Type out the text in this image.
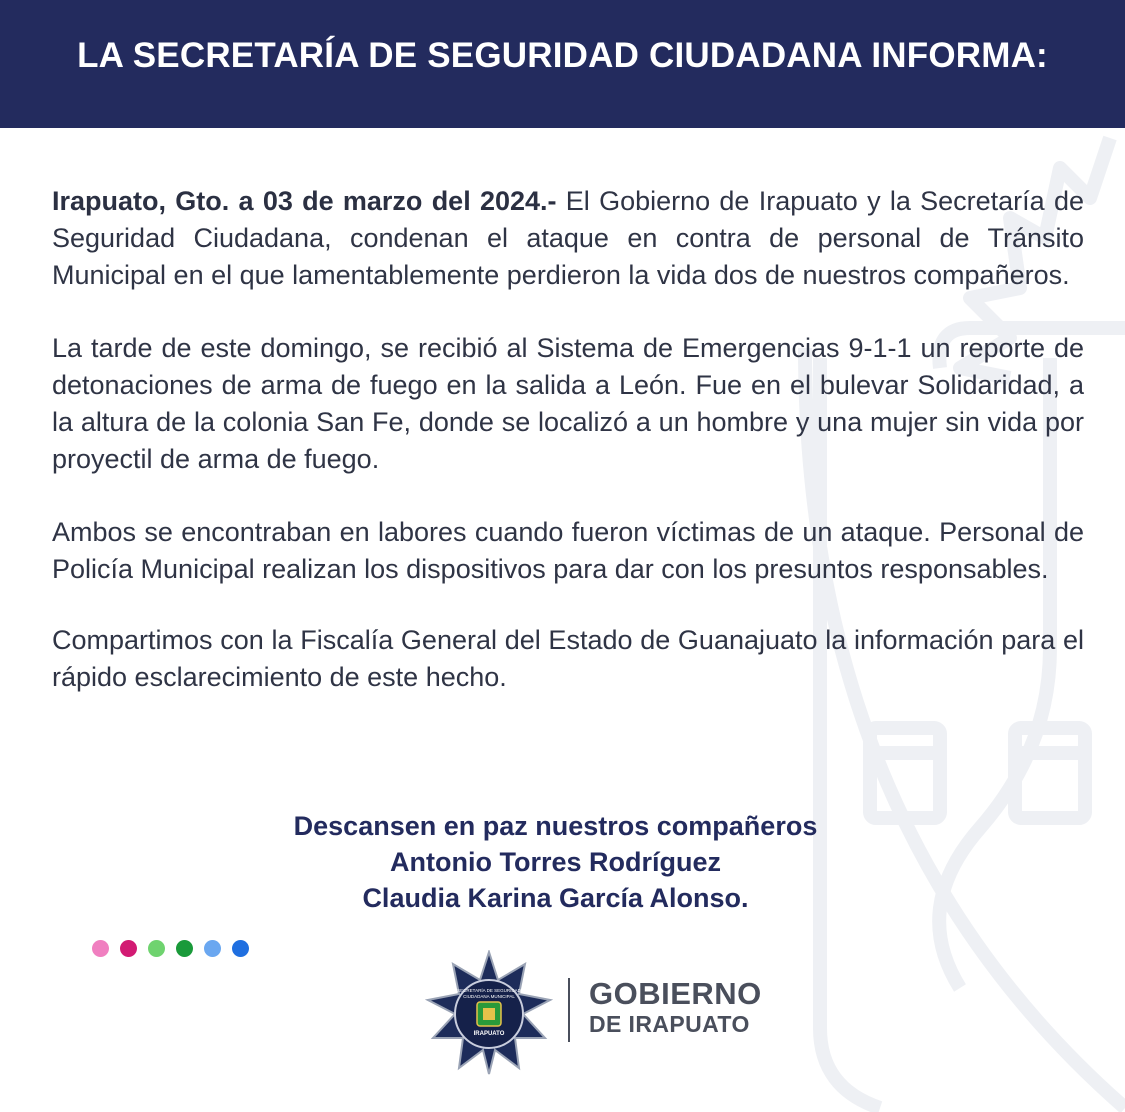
LA SECRETARÍA DE SEGURIDAD CIUDADANA INFORMA:

Irapuato, Gto. a 03 de marzo del 2024.- El Gobierno de Irapuato y la Secretaría de Seguridad Ciudadana, condenan el ataque en contra de personal de Tránsito Municipal en el que lamentablemente perdieron la vida dos de nuestros compañeros.

La tarde de este domingo, se recibió al Sistema de Emergencias 9-1-1 un reporte de detonaciones de arma de fuego en la salida a León. Fue en el bulevar Solidaridad, a la altura de la colonia San Fe, donde se localizó a un hombre y una mujer sin vida por proyectil de arma de fuego.

Ambos se encontraban en labores cuando fueron víctimas de un ataque. Personal de Policía Municipal realizan los dispositivos para dar con los presuntos responsables.

Compartimos con la Fiscalía General del Estado de Guanajuato la información para el rápido esclarecimiento de este hecho.

Descansen en paz nuestros compañeros
Antonio Torres Rodríguez
Claudia Karina García Alonso.
SECRETARÍA DE SEGURIDAD
CIUDADANA MUNICIPAL
IRAPUATO
GOBIERNO
DE IRAPUATO
